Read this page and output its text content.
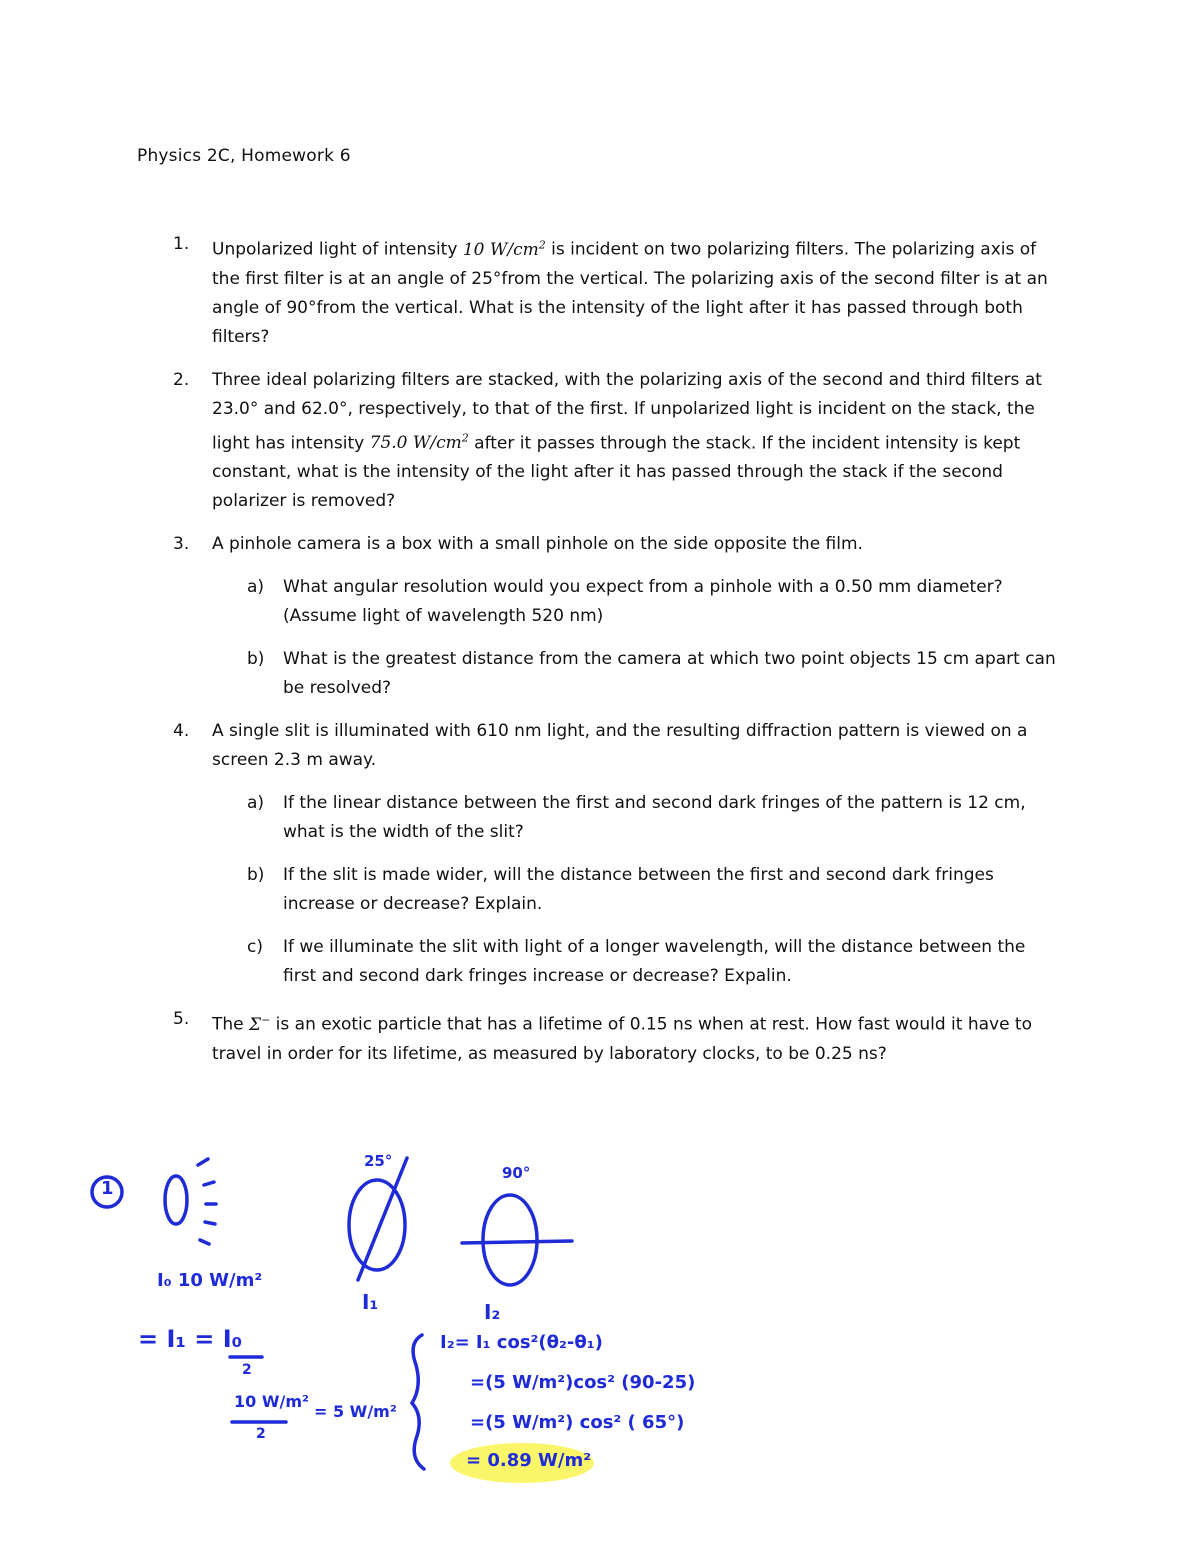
Physics 2C, Homework 6
1. Unpolarized light of intensity 10 $W/cm^2$ is incident on two polarizing filters. The polarizing axis of the first filter is at an angle of 25°from the vertical. The polarizing axis of the second filter is at an angle of 90°from the vertical. What is the intensity of the light after it has passed through both filters?
2. Three ideal polarizing filters are stacked, with the polarizing axis of the second and third filters at 23.0° and 62.0°, respectively, to that of the first. If unpolarized light is incident on the stack, the light has intensity 75.0 $W/cm^2$ after it passes through the stack. If the incident intensity is kept constant, what is the intensity of the light after it has passed through the stack if the second polarizer is removed?
3. A pinhole camera is a box with a small pinhole on the side opposite the film.
a) What angular resolution would you expect from a pinhole with a 0.50 mm diameter? (Assume light of wavelength 520 nm)
b) What is the greatest distance from the camera at which two point objects 15 cm apart can be resolved?
4. A single slit is illuminated with 610 nm light, and the resulting diffraction pattern is viewed on a screen 2.3 m away.
a) If the linear distance between the first and second dark fringes of the pattern is 12 cm, what is the width of the slit?
b) If the slit is made wider, will the distance between the first and second dark fringes increase or decrease? Explain.
c) If we illuminate the slit with light of a longer wavelength, will the distance between the first and second dark fringes increase or decrease? Expalin.
5. The Σ− is an exotic particle that has a lifetime of 0.15 ns when at rest. How fast would it have to travel in order for its lifetime, as measured by laboratory clocks, to be 0.25 ns?
1
25°
90°
I₀ 10 W/m²
I₁	I₂
= I₁ = I₀
2
10 W/m²
2
= 5 W/m²
I₂= I₁ cos²(θ₂-θ₁)
=(5 W/m²)cos² (90-25)
=(5 W/m²) cos² ( 65°)
= 0.89 W/m²
